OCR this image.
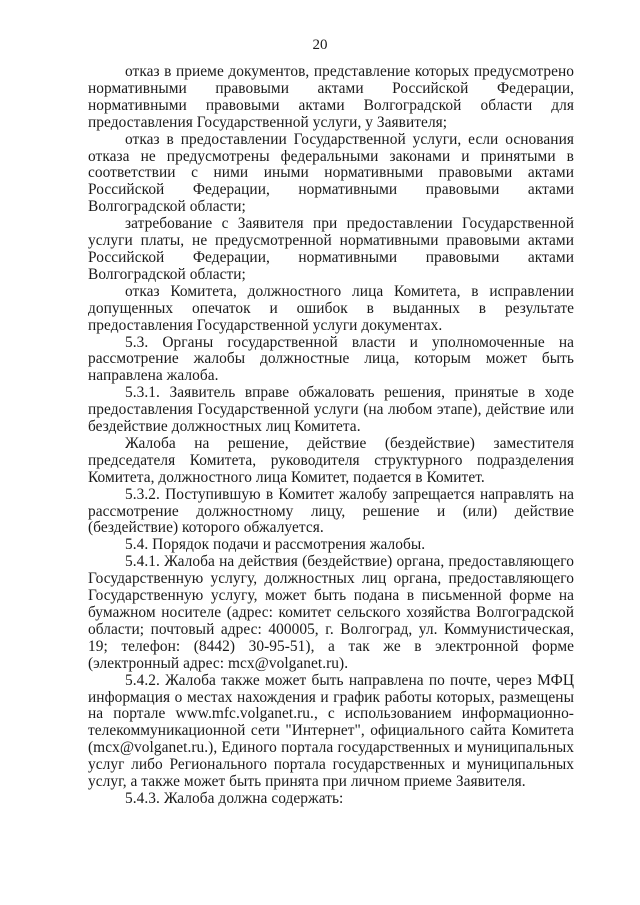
20

отказ в приеме документов, представление которых предусмотрено нормативными правовыми актами Российской Федерации, нормативными правовыми актами Волгоградской области для предоставления Государственной услуги, у Заявителя;

отказ в предоставлении Государственной услуги, если основания отказа не предусмотрены федеральными законами и принятыми в соответствии с ними иными нормативными правовыми актами Российской Федерации, нормативными правовыми актами Волгоградской области;

затребование с Заявителя при предоставлении Государственной услуги платы, не предусмотренной нормативными правовыми актами Российской Федерации, нормативными правовыми актами Волгоградской области;

отказ Комитета, должностного лица Комитета, в исправлении допущенных опечаток и ошибок в выданных в результате предоставления Государственной услуги документах.

5.3. Органы государственной власти и уполномоченные на рассмотрение жалобы должностные лица, которым может быть направлена жалоба.

5.3.1. Заявитель вправе обжаловать решения, принятые в ходе предоставления Государственной услуги (на любом этапе), действие или бездействие должностных лиц Комитета.

Жалоба на решение, действие (бездействие) заместителя председателя Комитета, руководителя структурного подразделения Комитета, должностного лица Комитет, подается в Комитет.

5.3.2. Поступившую в Комитет жалобу запрещается направлять на рассмотрение должностному лицу, решение и (или) действие (бездействие) которого обжалуется.

5.4. Порядок подачи и рассмотрения жалобы.

5.4.1. Жалоба на действия (бездействие) органа, предоставляющего Государственную услугу, должностных лиц органа, предоставляющего Государственную услугу, может быть подана в письменной форме на бумажном носителе (адрес: комитет сельского хозяйства Волгоградской области; почтовый адрес: 400005, г. Волгоград, ул. Коммунистическая, 19; телефон: (8442) 30-95-51), а так же в электронной форме (электронный адрес: mcx@volganet.ru).

5.4.2. Жалоба также может быть направлена по почте, через МФЦ информация о местах нахождения и график работы которых, размещены на портале www.mfc.volganet.ru., с использованием информационно-телекоммуникационной сети "Интернет", официального сайта Комитета (mcx@volganet.ru.), Единого портала государственных и муниципальных услуг либо Регионального портала государственных и муниципальных услуг, а также может быть принята при личном приеме Заявителя.

5.4.3. Жалоба должна содержать:
